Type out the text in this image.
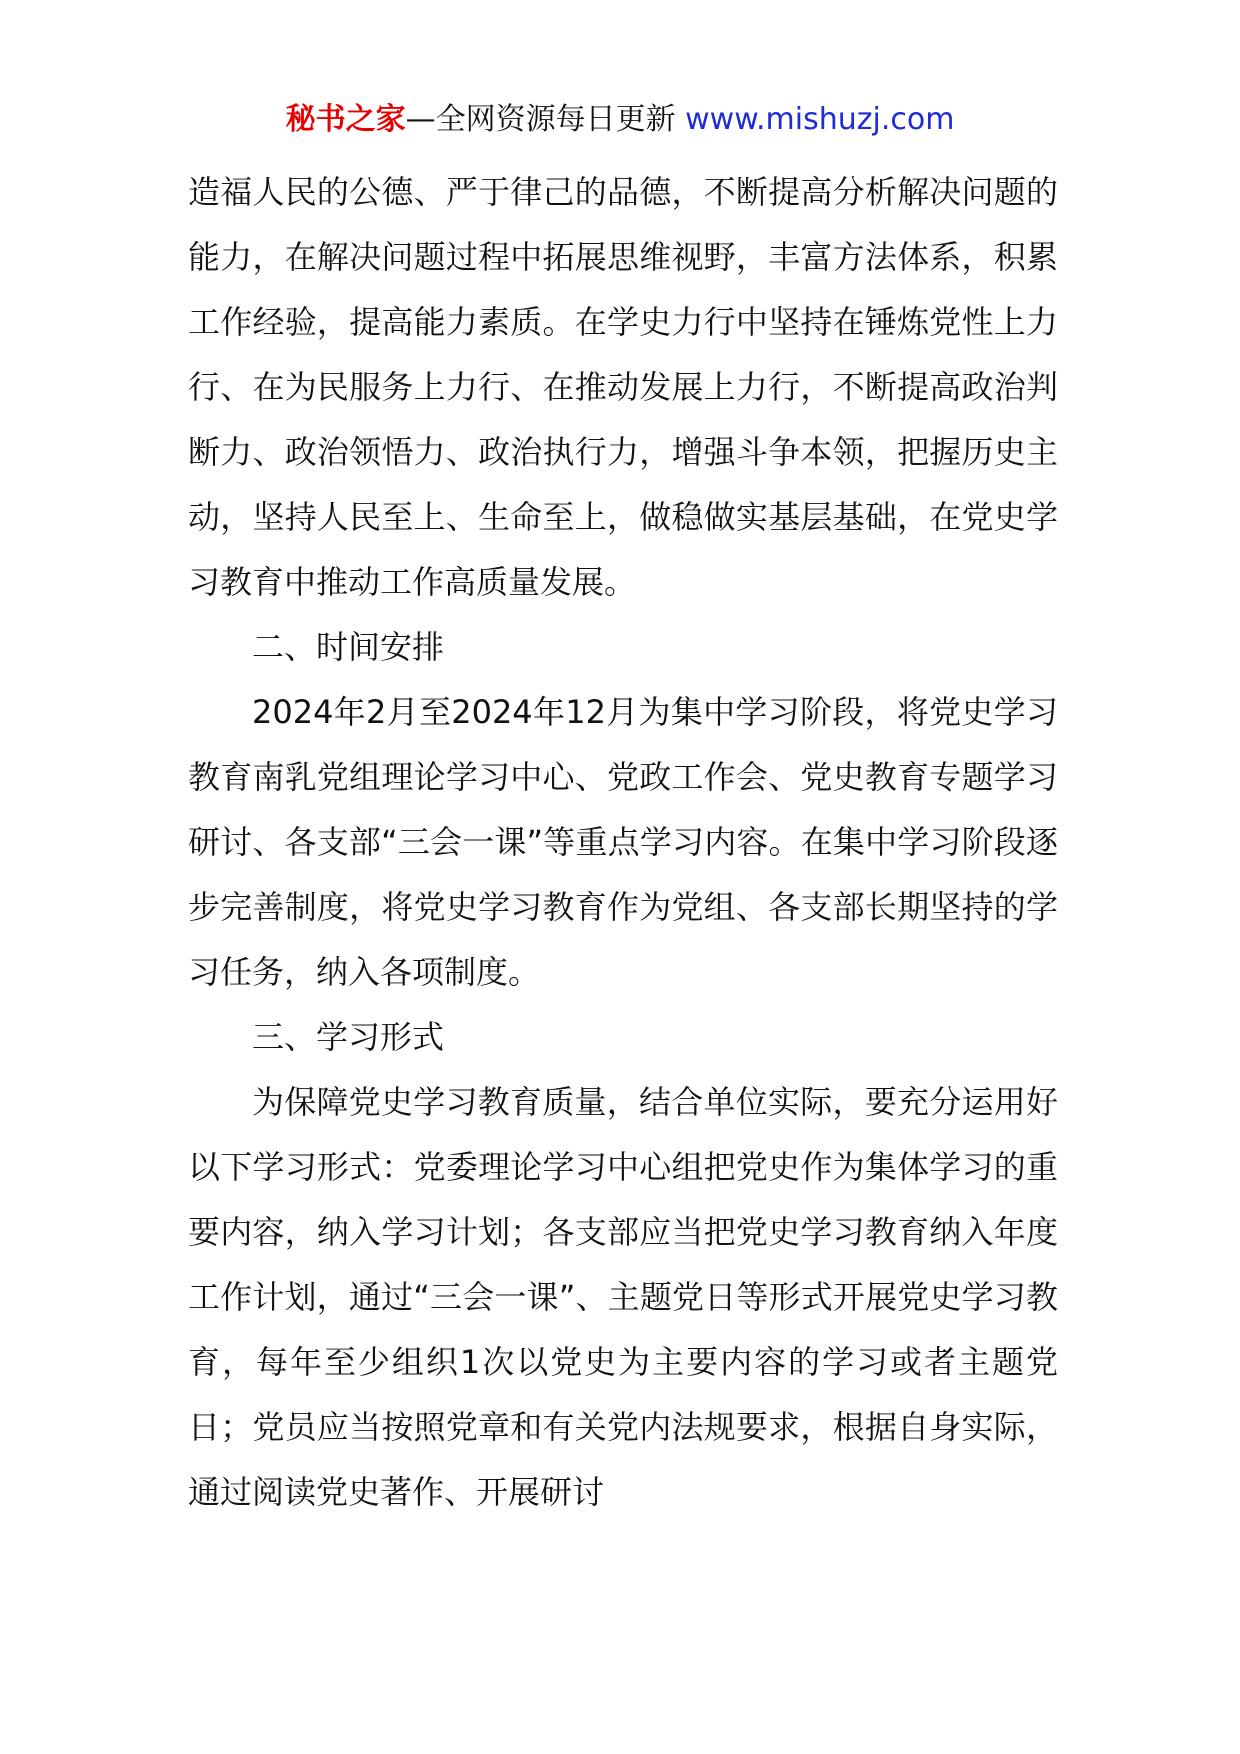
秘书之家—全网资源每日更新 www.mishuzj.com

造福人民的公德、严于律己的品德，不断提高分析解决问题的能力，在解决问题过程中拓展思维视野，丰富方法体系，积累工作经验，提高能力素质。在学史力行中坚持在锤炼党性上力行、在为民服务上力行、在推动发展上力行，不断提高政治判断力、政治领悟力、政治执行力，增强斗争本领，把握历史主动，坚持人民至上、生命至上，做稳做实基层基础，在党史学习教育中推动工作高质量发展。

二、时间安排

2024年2月至2024年12月为集中学习阶段，将党史学习教育南乳党组理论学习中心、党政工作会、党史教育专题学习研讨、各支部“三会一课”等重点学习内容。在集中学习阶段逐步完善制度，将党史学习教育作为党组、各支部长期坚持的学习任务，纳入各项制度。

三、学习形式

为保障党史学习教育质量，结合单位实际，要充分运用好以下学习形式：党委理论学习中心组把党史作为集体学习的重要内容，纳入学习计划；各支部应当把党史学习教育纳入年度工作计划，通过“三会一课”、主题党日等形式开展党史学习教育，每年至少组织1次以党史为主要内容的学习或者主题党日；党员应当按照党章和有关党内法规要求，根据自身实际，通过阅读党史著作、开展研讨
